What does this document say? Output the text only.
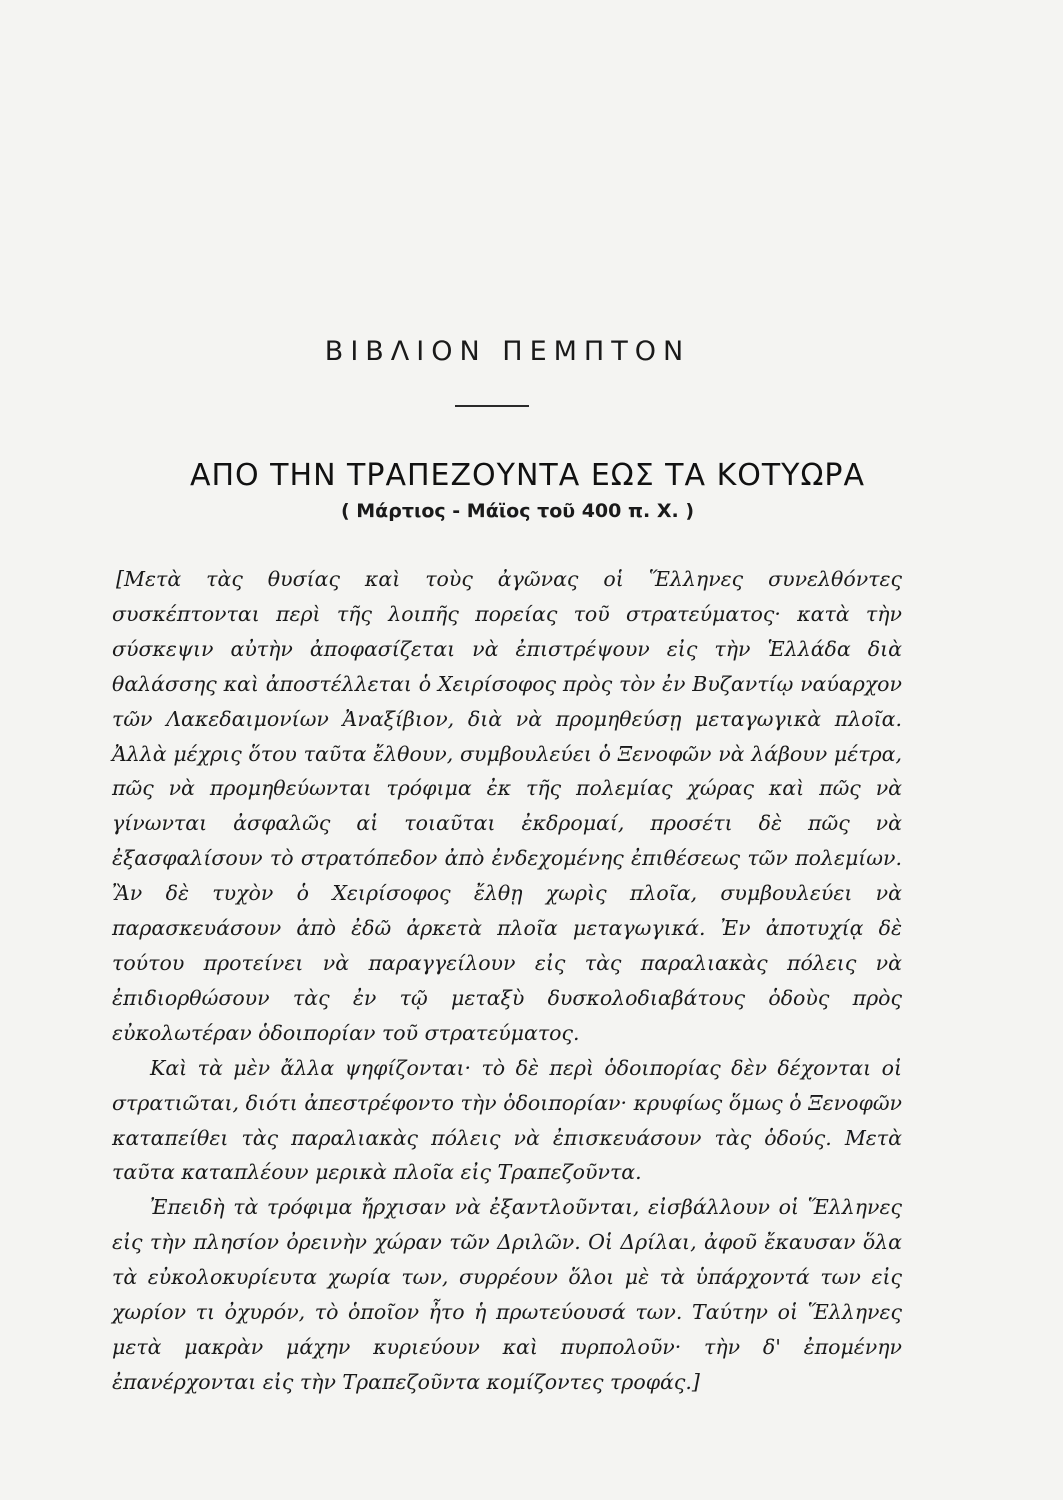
ΒΙΒΛΙΟΝ ΠΕΜΠΤΟΝ
ΑΠΟ ΤΗΝ ΤΡΑΠΕΖΟΥΝΤΑ ΕΩΣ ΤΑ ΚΟΤΥΩΡΑ
( Μάρτιος - Μάϊος τοῦ 400 π. Χ. )

[Μετὰ τὰς θυσίας καὶ τοὺς ἀγῶνας οἱ Ἕλληνες συνελθόντες συσκέπτονται περὶ τῆς λοιπῆς πορείας τοῦ στρατεύματος· κατὰ τὴν σύσκεψιν αὐτὴν ἀποφασίζεται νὰ ἐπιστρέψουν εἰς τὴν Ἑλλάδα διὰ θαλάσσης καὶ ἀποστέλλεται ὁ Χειρίσοφος πρὸς τὸν ἐν Βυζαντίῳ ναύαρχον τῶν Λακεδαιμονίων Ἀναξίβιον, διὰ νὰ προμηθεύσῃ μεταγωγικὰ πλοῖα. Ἀλλὰ μέχρις ὅτου ταῦτα ἔλθουν, συμβουλεύει ὁ Ξενοφῶν νὰ λάβουν μέτρα, πῶς νὰ προμηθεύωνται τρόφιμα ἐκ τῆς πολεμίας χώρας καὶ πῶς νὰ γίνωνται ἀσφαλῶς αἱ τοιαῦται ἐκδρομαί, προσέτι δὲ πῶς νὰ ἐξασφαλίσουν τὸ στρατόπεδον ἀπὸ ἐνδεχομένης ἐπιθέσεως τῶν πολεμίων. Ἂν δὲ τυχὸν ὁ Χειρίσοφος ἔλθῃ χωρὶς πλοῖα, συμβουλεύει νὰ παρασκευάσουν ἀπὸ ἐδῶ ἀρκετὰ πλοῖα μεταγωγικά. Ἐν ἀποτυχίᾳ δὲ τούτου προτείνει νὰ παραγγείλουν εἰς τὰς παραλιακὰς πόλεις νὰ ἐπιδιορθώσουν τὰς ἐν τῷ μεταξὺ δυσκολοδιαβάτους ὁδοὺς πρὸς εὐκολωτέραν ὁδοιπορίαν τοῦ στρατεύματος.

Καὶ τὰ μὲν ἄλλα ψηφίζονται· τὸ δὲ περὶ ὁδοιπορίας δὲν δέχονται οἱ στρατιῶται, διότι ἀπεστρέφοντο τὴν ὁδοιπορίαν· κρυφίως ὅμως ὁ Ξενοφῶν καταπείθει τὰς παραλιακὰς πόλεις νὰ ἐπισκευάσουν τὰς ὁδούς. Μετὰ ταῦτα καταπλέουν μερικὰ πλοῖα εἰς Τραπεζοῦντα.

Ἐπειδὴ τὰ τρόφιμα ἤρχισαν νὰ ἐξαντλοῦνται, εἰσβάλλουν οἱ Ἕλληνες εἰς τὴν πλησίον ὀρεινὴν χώραν τῶν Δριλῶν. Οἱ Δρίλαι, ἀφοῦ ἔκαυσαν ὅλα τὰ εὐκολοκυρίευτα χωρία των, συρρέουν ὅλοι μὲ τὰ ὑπάρχοντά των εἰς χωρίον τι ὀχυρόν, τὸ ὁποῖον ἦτο ἡ πρωτεύουσά των. Ταύτην οἱ Ἕλληνες μετὰ μακρὰν μάχην κυριεύουν καὶ πυρπολοῦν· τὴν δ' ἐπομένην ἐπανέρχονται εἰς τὴν Τραπεζοῦντα κομίζοντες τροφάς.]
